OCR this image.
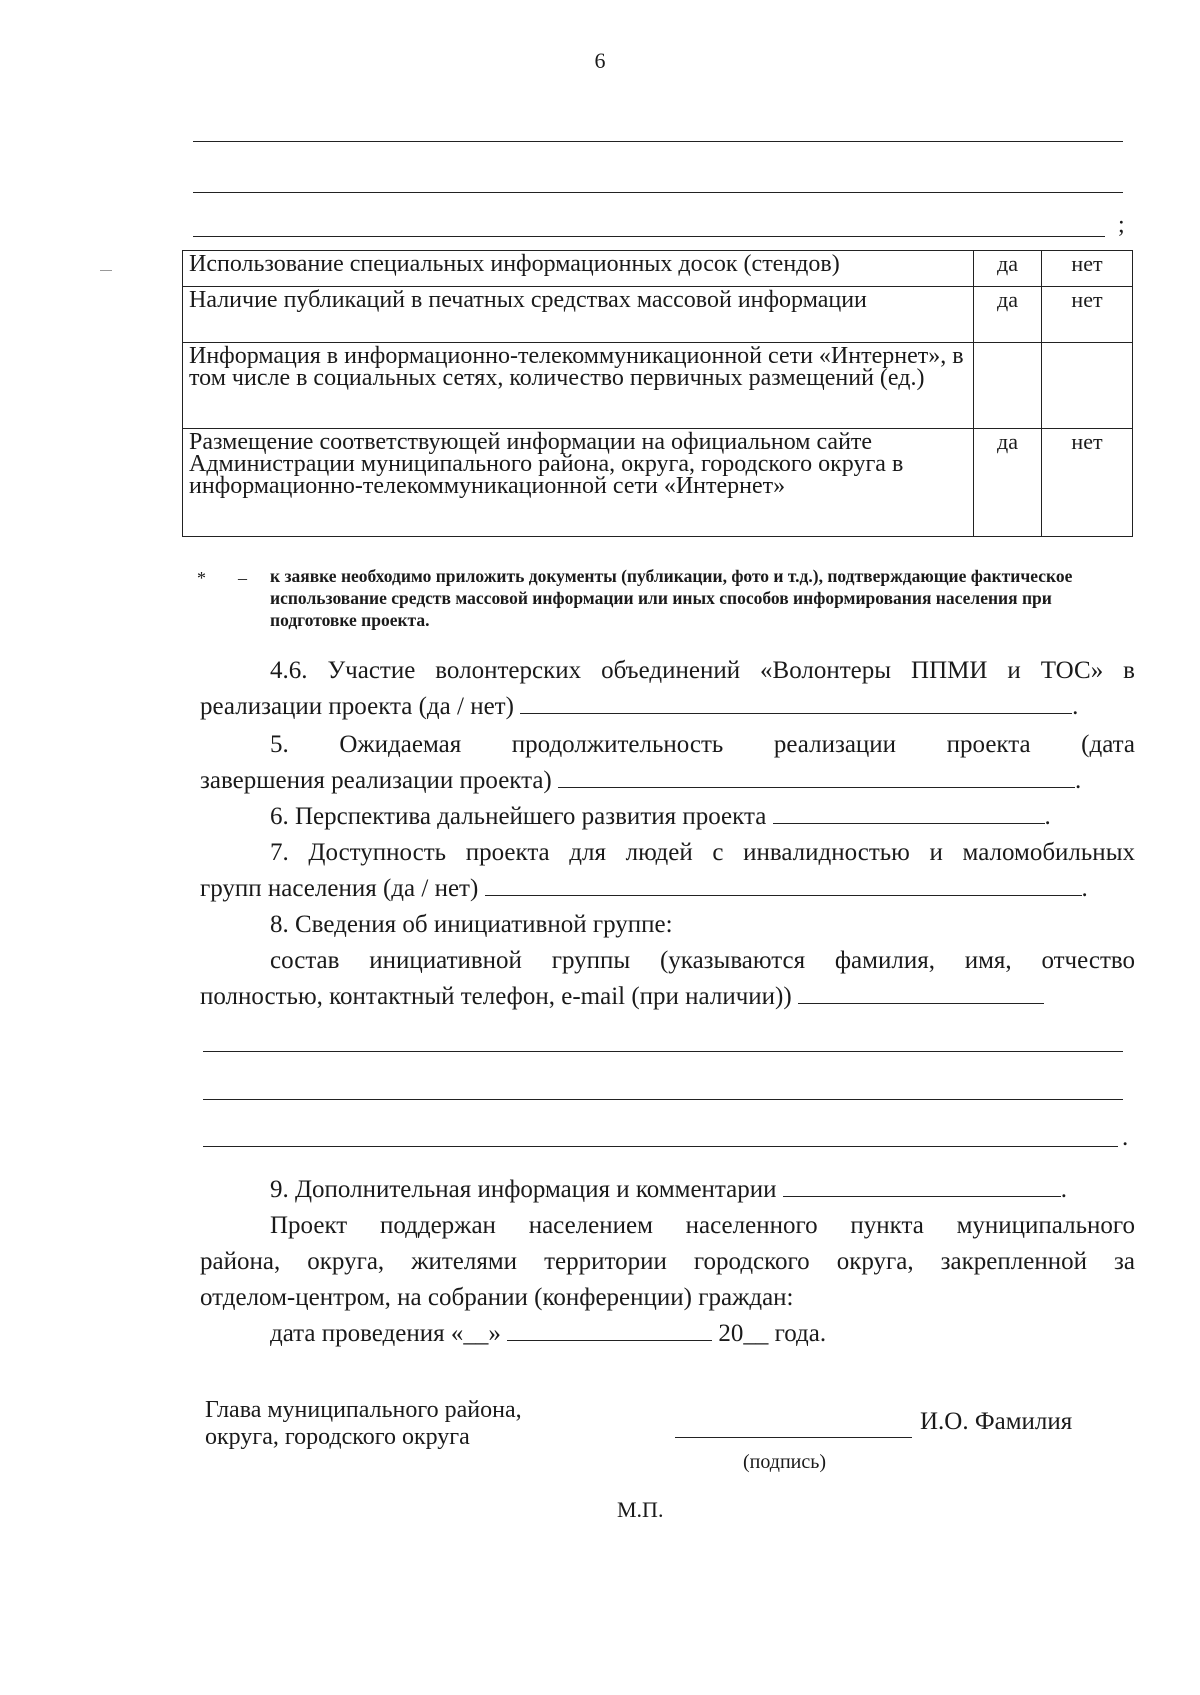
6
;
Использование специальных информационных досок (стендов)	да	нет
Наличие публикаций в печатных средствах массовой информации	да	нет
Информация в информационно-телекоммуникационной сети «Интернет», в том числе в социальных сетях, количество первичных размещений (ед.)		
Размещение соответствующей информации на официальном сайте Администрации муниципального района, округа, городского округа в информационно-телекоммуникационной сети «Интернет»	да	нет
* – к заявке необходимо приложить документы (публикации, фото и т.д.), подтверждающие фактическое использование средств массовой информации или иных способов информирования населения при подготовке проекта.
4.6. Участие волонтерских объединений «Волонтеры ППМИ и ТОС» в
реализации проекта (да / нет)	.
5. Ожидаемая продолжительность реализации проекта (дата
завершения реализации проекта)	.
6. Перспектива дальнейшего развития проекта	.
7. Доступность проекта для людей с инвалидностью и маломобильных
групп населения (да / нет)	.
8. Сведения об инициативной группе:
состав инициативной группы (указываются фамилия, имя, отчество
полностью, контактный телефон, e-mail (при наличии))
.
9. Дополнительная информация и комментарии	.
Проект поддержан населением населенного пункта муниципального
района, округа, жителями территории городского округа, закрепленной за
отделом-центром, на собрании (конференции) граждан:
дата проведения «__»	20__ года.
Глава муниципального района,
округа, городского округа
И.О. Фамилия
(подпись)
М.П.
